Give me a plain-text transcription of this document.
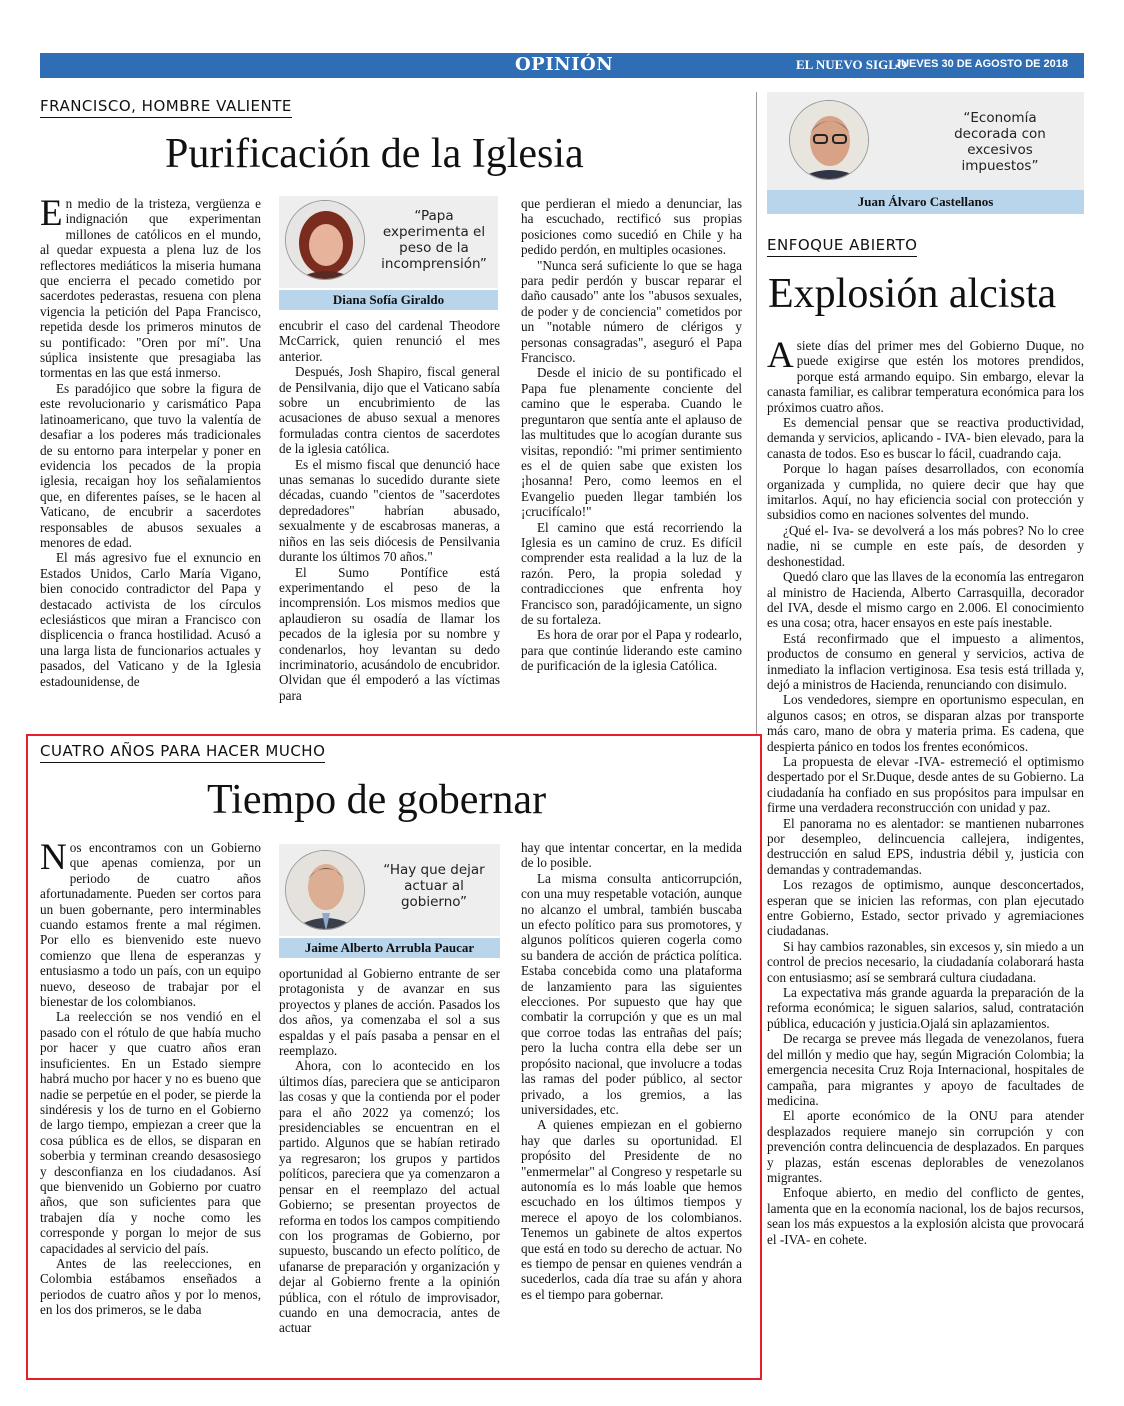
OPINIÓN	EL NUEVO SIGLO
JUEVES 30 DE AGOSTO DE 2018 9A
FRANCISCO, HOMBRE VALIENTE
Purificación de la Iglesia

En medio de la tristeza, vergüenza e indignación que experimentan millones de católicos en el mundo, al quedar expuesta a plena luz de los reflectores mediáticos la miseria humana que encierra el pecado cometido por sacerdotes pederastas, resuena con plena vigencia la petición del Papa Francisco, repetida desde los primeros minutos de su pontificado: "Oren por mí". Una súplica insistente que presagiaba las tormentas en las que está inmerso.

Es paradójico que sobre la figura de este revolucionario y carismático Papa latinoamericano, que tuvo la valentía de desafiar a los poderes más tradicionales de su entorno para interpelar y poner en evidencia los pecados de la propia iglesia, recaigan hoy los señalamientos que, en diferentes países, se le hacen al Vaticano, de encubrir a sacerdotes responsables de abusos sexuales a menores de edad.

El más agresivo fue el exnuncio en Estados Unidos, Carlo María Vigano, bien conocido contradictor del Papa y destacado activista de los círculos eclesiásticos que miran a Francisco con displicencia o franca hostilidad. Acusó a una larga lista de funcionarios actuales y pasados, del Vaticano y de la Iglesia estadounidense, de

“Papa experimenta el peso de la incomprensión”
Diana Sofía Giraldo

encubrir el caso del cardenal Theodore McCarrick, quien renunció el mes anterior.

Después, Josh Shapiro, fiscal general de Pensilvania, dijo que el Vaticano sabía sobre un encubrimiento de las acusaciones de abuso sexual a menores formuladas contra cientos de sacerdotes de la iglesia católica.

Es el mismo fiscal que denunció hace unas semanas lo sucedido durante siete décadas, cuando "cientos de "sacerdotes depredadores" habrían abusado, sexualmente y de escabrosas maneras, a niños en las seis diócesis de Pensilvania durante los últimos 70 años."

El Sumo Pontífice está experimentando el peso de la incomprensión. Los mismos medios que aplaudieron su osadía de llamar los pecados de la iglesia por su nombre y condenarlos, hoy levantan su dedo incriminatorio, acusándolo de encubridor. Olvidan que él empoderó a las víctimas para

que perdieran el miedo a denunciar, las ha escuchado, rectificó sus propias posiciones como sucedió en Chile y ha pedido perdón, en multiples ocasiones.

"Nunca será suficiente lo que se haga para pedir perdón y buscar reparar el daño causado" ante los "abusos sexuales, de poder y de conciencia" cometidos por un "notable número de clérigos y personas consagradas", aseguró el Papa Francisco.

Desde el inicio de su pontificado el Papa fue plenamente conciente del camino que le esperaba. Cuando le preguntaron que sentía ante el aplauso de las multitudes que lo acogían durante sus visitas, repondió: "mi primer sentimiento es el de quien sabe que existen los ¡hosanna! Pero, como leemos en el Evangelio pueden llegar también los ¡crucifícalo!"

El camino que está recorriendo la Iglesia es un camino de cruz. Es difícil comprender esta realidad a la luz de la razón. Pero, la propia soledad y contradicciones que enfrenta hoy Francisco son, paradójicamente, un signo de su fortaleza.

Es hora de orar por el Papa y rodearlo, para que continúe liderando este camino de purificación de la iglesia Católica.

CUATRO AÑOS PARA HACER MUCHO
Tiempo de gobernar

Nos encontramos con un Gobierno que apenas comienza, por un periodo de cuatro años afortunadamente. Pueden ser cortos para un buen gobernante, pero interminables cuando estamos frente a mal régimen. Por ello es bienvenido este nuevo comienzo que llena de esperanzas y entusiasmo a todo un país, con un equipo nuevo, deseoso de trabajar por el bienestar de los colombianos.

La reelección se nos vendió en el pasado con el rótulo de que había mucho por hacer y que cuatro años eran insuficientes. En un Estado siempre habrá mucho por hacer y no es bueno que nadie se perpetúe en el poder, se pierde la sindéresis y los de turno en el Gobierno de largo tiempo, empiezan a creer que la cosa pública es de ellos, se disparan en soberbia y terminan creando desasosiego y desconfianza en los ciudadanos. Así que bienvenido un Gobierno por cuatro años, que son suficientes para que trabajen día y noche como les corresponde y porgan lo mejor de sus capacidades al servicio del país.

Antes de las reelecciones, en Colombia estábamos enseñados a periodos de cuatro años y por lo menos, en los dos primeros, se le daba

“Hay que dejar actuar al gobierno”
Jaime Alberto Arrubla Paucar

oportunidad al Gobierno entrante de ser protagonista y de avanzar en sus proyectos y planes de acción. Pasados los dos años, ya comenzaba el sol a sus espaldas y el país pasaba a pensar en el reemplazo.

Ahora, con lo acontecido en los últimos días, pareciera que se anticiparon las cosas y que la contienda por el poder para el año 2022 ya comenzó; los presidenciables se encuentran en el partido. Algunos que se habían retirado ya regresaron; los grupos y partidos políticos, pareciera que ya comenzaron a pensar en el reemplazo del actual Gobierno; se presentan proyectos de reforma en todos los campos compitiendo con los programas de Gobierno, por supuesto, buscando un efecto político, de ufanarse de preparación y organización y dejar al Gobierno frente a la opinión pública, con el rótulo de improvisador, cuando en una democracia, antes de actuar

hay que intentar concertar, en la medida de lo posible.

La misma consulta anticorrupción, con una muy respetable votación, aunque no alcanzo el umbral, también buscaba un efecto político para sus promotores, y algunos políticos quieren cogerla como su bandera de acción de práctica política. Estaba concebida como una plataforma de lanzamiento para las siguientes elecciones. Por supuesto que hay que combatir la corrupción y que es un mal que corroe todas las entrañas del país; pero la lucha contra ella debe ser un propósito nacional, que involucre a todas las ramas del poder público, al sector privado, a los gremios, a las universidades, etc.

A quienes empiezan en el gobierno hay que darles su oportunidad. El propósito del Presidente de no "enmermelar" al Congreso y respetarle su autonomía es lo más loable que hemos escuchado en los últimos tiempos y merece el apoyo de los colombianos. Tenemos un gabinete de altos expertos que está en todo su derecho de actuar. No es tiempo de pensar en quienes vendrán a sucederlos, cada día trae su afán y ahora es el tiempo para gobernar.

“Economía decorada con excesivos impuestos”
Juan Álvaro Castellanos
ENFOQUE ABIERTO
Explosión alcista

Asiete días del primer mes del Gobierno Duque, no puede exigirse que estén los motores prendidos, porque está armando equipo. Sin embargo, elevar la canasta familiar, es calibrar temperatura económica para los próximos cuatro años.

Es demencial pensar que se reactiva productividad, demanda y servicios, aplicando - IVA- bien elevado, para la canasta de todos. Eso es buscar lo fácil, cuadrando caja.

Porque lo hagan países desarrollados, con economía organizada y cumplida, no quiere decir que hay que imitarlos. Aquí, no hay eficiencia social con protección y subsidios como en naciones solventes del mundo.

¿Qué el- Iva- se devolverá a los más pobres? No lo cree nadie, ni se cumple en este país, de desorden y deshonestidad.

Quedó claro que las llaves de la economía las entregaron al ministro de Hacienda, Alberto Carrasquilla, decorador del IVA, desde el mismo cargo en 2.006. El conocimiento es una cosa; otra, hacer ensayos en este país inestable.

Está reconfirmado que el impuesto a alimentos, productos de consumo en general y servicios, activa de inmediato la inflacion vertiginosa. Esa tesis está trillada y, dejó a ministros de Hacienda, renunciando con disimulo.

Los vendedores, siempre en oportunismo especulan, en algunos casos; en otros, se disparan alzas por transporte más caro, mano de obra y materia prima. Es cadena, que despierta pánico en todos los frentes económicos.

La propuesta de elevar -IVA- estremeció el optimismo despertado por el Sr.Duque, desde antes de su Gobierno. La ciudadanía ha confiado en sus propósitos para impulsar en firme una verdadera reconstrucción con unidad y paz.

El panorama no es alentador: se mantienen nubarrones por desempleo, delincuencia callejera, indigentes, destrucción en salud EPS, industria débil y, justicia con demandas y contrademandas.

Los rezagos de optimismo, aunque desconcertados, esperan que se inicien las reformas, con plan ejecutado entre Gobierno, Estado, sector privado y agremiaciones ciudadanas.

Si hay cambios razonables, sin excesos y, sin miedo a un control de precios necesario, la ciudadanía colaborará hasta con entusiasmo; así se sembrará cultura ciudadana.

La expectativa más grande aguarda la preparación de la reforma económica; le siguen salarios, salud, contratación pública, educación y justicia.Ojalá sin aplazamientos.

De recarga se prevee más llegada de venezolanos, fuera del millón y medio que hay, según Migración Colombia; la emergencia necesita Cruz Roja Internacional, hospitales de campaña, para migrantes y apoyo de facultades de medicina.

El aporte económico de la ONU para atender desplazados requiere manejo sin corrupción y con prevención contra delincuencia de desplazados. En parques y plazas, están escenas deplorables de venezolanos migrantes.

Enfoque abierto, en medio del conflicto de gentes, lamenta que en la economía nacional, los de bajos recursos, sean los más expuestos a la explosión alcista que provocará el -IVA- en cohete.
